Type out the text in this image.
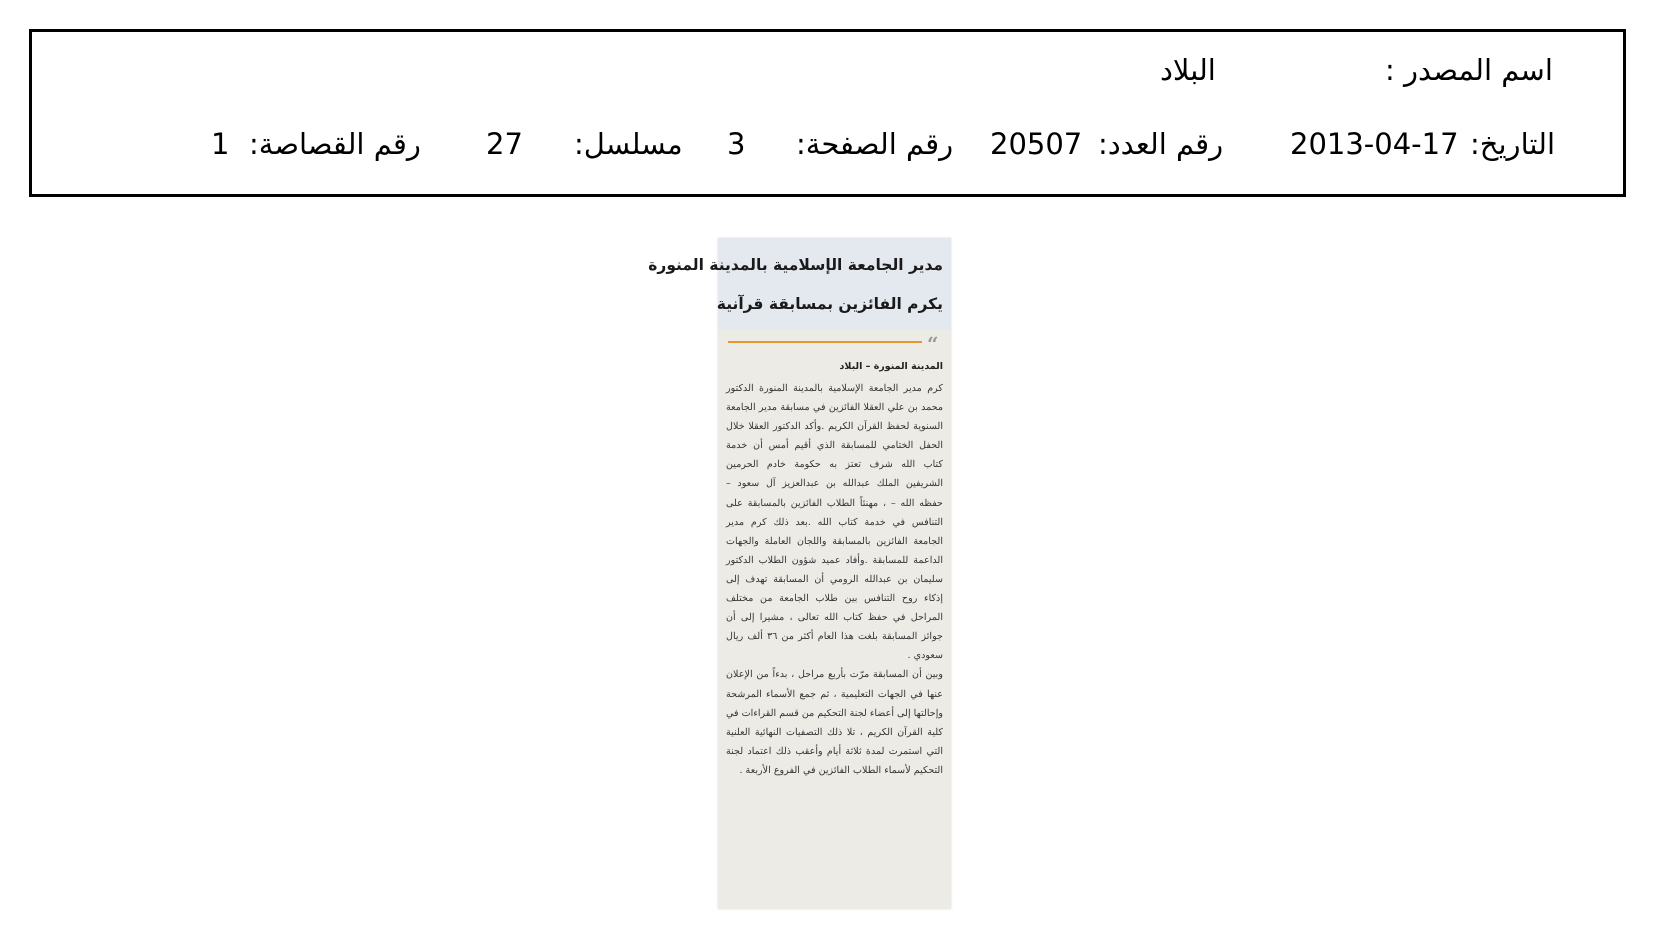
اسم المصدر :
البلاد
التاريخ:
2013-04-17
رقم العدد:
20507
رقم الصفحة:
3
مسلسل:
27
رقم القصاصة:
1
مدير الجامعة الإسلامية بالمدينة المنورة
يكرم الفائزين بمسابقة قرآنية
“
المدينة المنورة – البلاد

كرم مدير الجامعة الإسلامية بالمدينة المنورة الدكتور محمد بن علي العقلا الفائزين في مسابقة مدير الجامعة السنوية لحفظ القرآن الكريم .وأكد الدكتور العقلا خلال الحفل الختامي للمسابقة الذي أقيم أمس أن خدمة كتاب الله شرف تعتز به حكومة خادم الحرمين الشريفين الملك عبدالله بن عبدالعزيز آل سعود – حفظه الله – ، مهنئاً الطلاب الفائزين بالمسابقة على التنافس في خدمة كتاب الله .بعد ذلك كرم مدير الجامعة الفائزين بالمسابقة واللجان العاملة والجهات الداعمة للمسابقة .وأفاد عميد شؤون الطلاب الدكتور سليمان بن عبدالله الرومي أن المسابقة تهدف إلى إذكاء روح التنافس بين طلاب الجامعة من مختلف المراحل في حفظ كتاب الله تعالى ، مشيرا إلى أن جوائز المسابقة بلغت هذا العام أكثر من ٣٦ ألف ريال سعودي .

وبين أن المسابقة مرّت بأربع مراحل ، بدءاً من الإعلان عنها في الجهات التعليمية ، ثم جمع الأسماء المرشحة وإحالتها إلى أعضاء لجنة التحكيم من قسم القراءات في كلية القرآن الكريم ، تلا ذلك التصفيات النهائية العلنية التي استمرت لمدة ثلاثة أيام وأعقب ذلك اعتماد لجنة التحكيم لأسماء الطلاب الفائزين في الفروع الأربعة .
